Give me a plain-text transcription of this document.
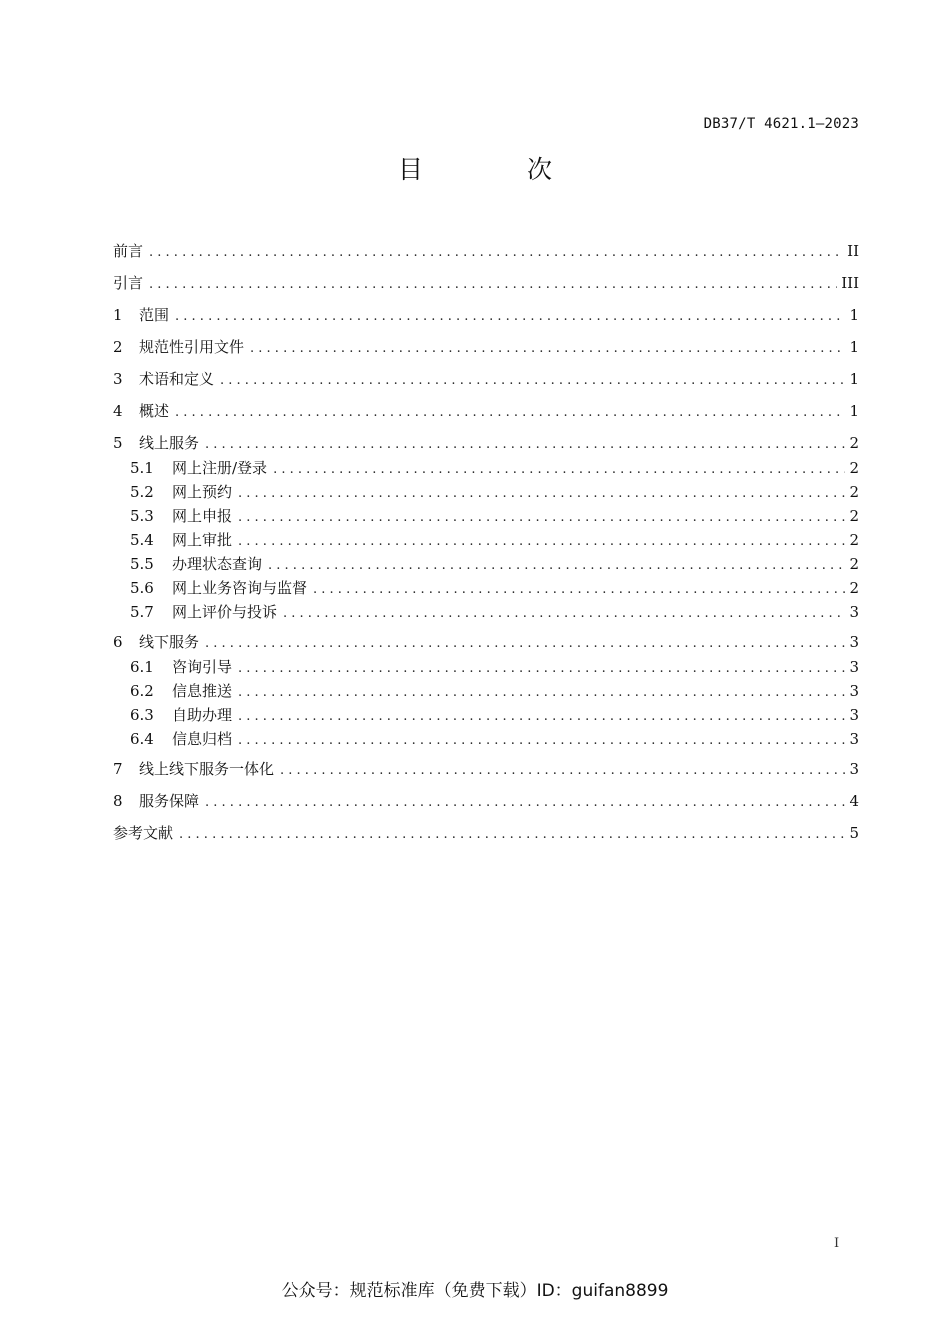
DB37/T 4621.1—2023
目 次
前言 . . .	II
引言 . . .	III
1 范围 . . .	1
2 规范性引用文件 . . .	1
3 术语和定义 . . .	1
4 概述 . . .	1
5 线上服务 . . .	2
5.1 网上注册/登录 . . .	2
5.2 网上预约 . . .	2
5.3 网上申报 . . .	2
5.4 网上审批 . . .	2
5.5 办理状态查询 . . .	2
5.6 网上业务咨询与监督 . . .	2
5.7 网上评价与投诉 . . .	3
6 线下服务 . . .	3
6.1 咨询引导 . . .	3
6.2 信息推送 . . .	3
6.3 自助办理 . . .	3
6.4 信息归档 . . .	3
7 线上线下服务一体化 . . .	3
8 服务保障 . . .	4
参考文献 . . .	5
I
公众号：规范标准库（免费下载）ID：guifan8899
